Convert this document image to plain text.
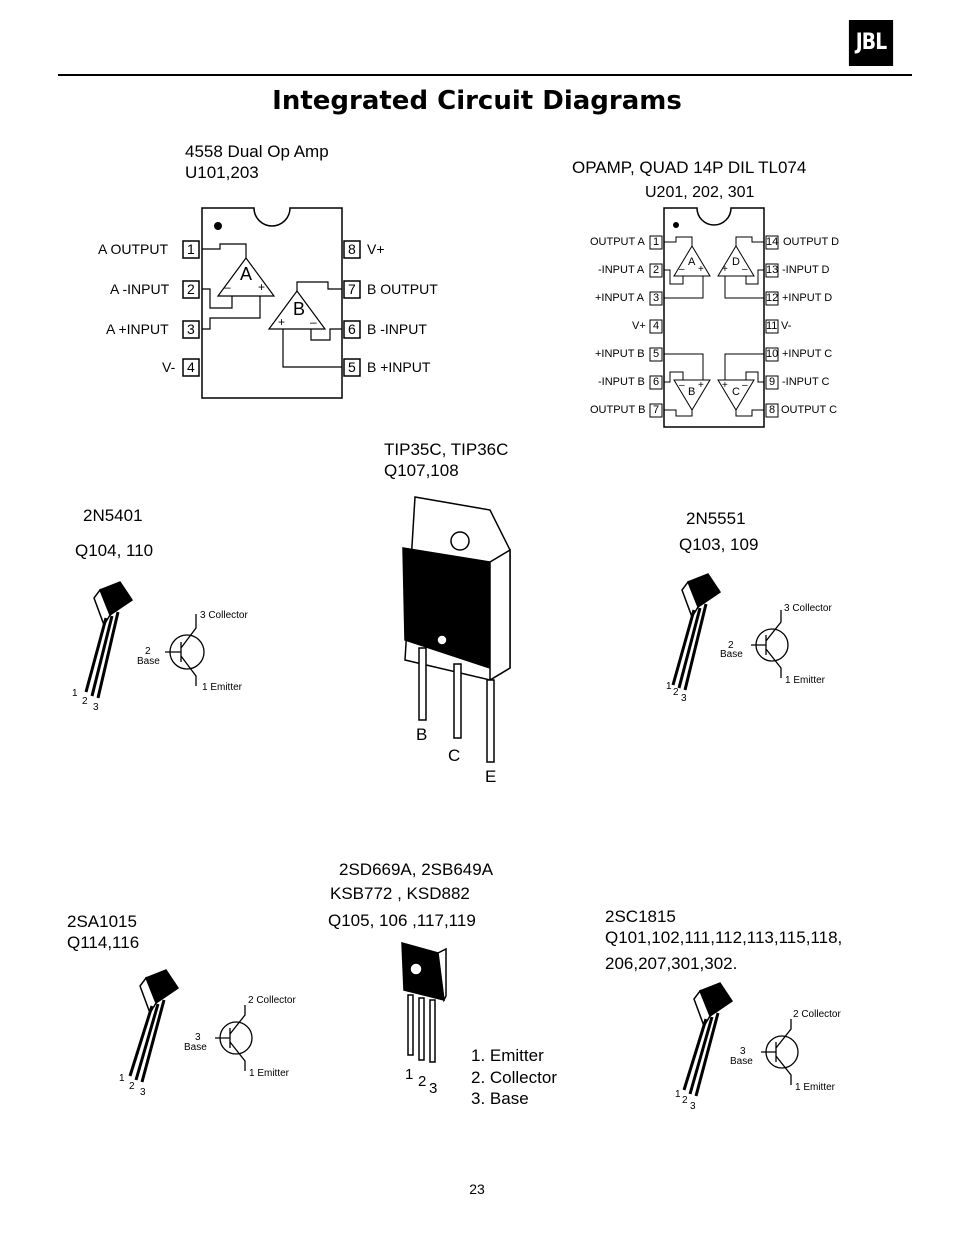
JBL
Integrated Circuit Diagrams
4558 Dual Op Amp
U101,203
– + + –
– + + –
A OUTPUT
A -INPUT
A +INPUT
V-
1
2
3
4
8
7
6
5
V+
B OUTPUT
B -INPUT
B +INPUT
A
B
– +
+ –
OPAMP, QUAD 14P DIL TL074
U201, 202, 301
OUTPUT A
-INPUT A
+INPUT A
V+
+INPUT B
-INPUT B
OUTPUT B
1
2
3
4
5
6
7
14
13
12
11
10
9
8
OUTPUT D
-INPUT D
+INPUT D
V-
+INPUT C
-INPUT C
OUTPUT C
A	D
B	C
TIP35C, TIP36C
Q107,108
B
C
E
2N5401
Q104, 110
3 Collector
2
Base
1 Emitter
1
2
3
2N5551
Q103, 109
3 Collector
2
Base
1 Emitter
1
2
3
2SD669A, 2SB649A
KSB772 , KSD882
Q105, 106 ,117,119
1 2 3
1. Emitter
2. Collector
3. Base
2SA1015
Q114,116
2 Collector
3
Base
1 Emitter
1
2
3
2SC1815
Q101,102,111,112,113,115,118,
206,207,301,302.
2 Collector
3
Base
1 Emitter
1
2
3
23
